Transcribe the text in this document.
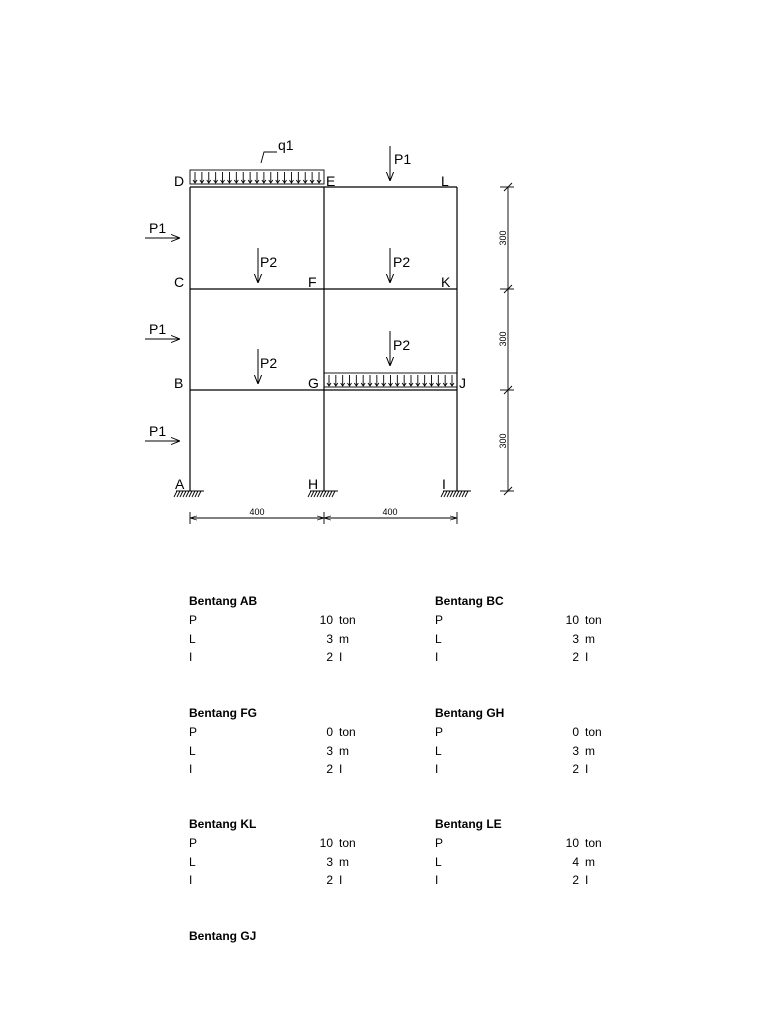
q1
P1
P2	P2
P2
P2
P1
P1
P1
A
B
C
D	E
F
G
H	I
J
K
L
300
300
300
400	400
Bentang AB
P	10 ton
L	3 m
I	2 I
Bentang BC
P	10 ton
L	3 m
I	2 I
Bentang FG
P	0 ton
L	3 m
I	2 I
Bentang GH
P	0 ton
L	3 m
I	2 I
Bentang KL
P	10 ton
L	3 m
I	2 I
Bentang LE
P	10 ton
L	4 m
I	2 I
Bentang GJ
